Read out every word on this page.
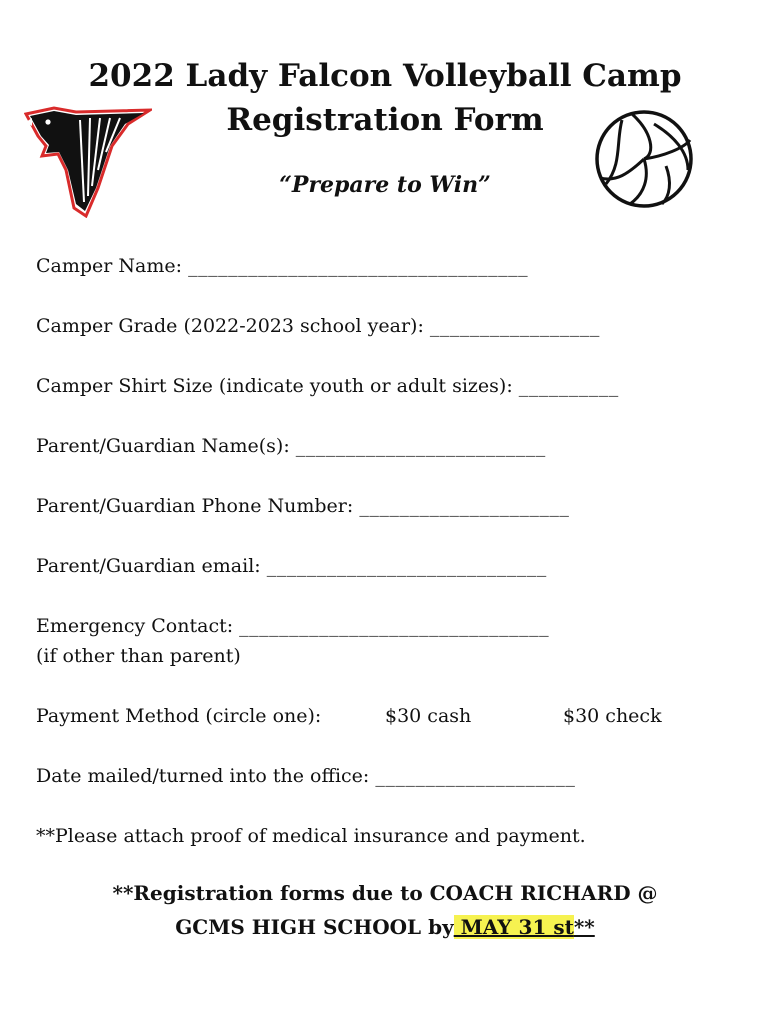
2022 Lady Falcon Volleyball Camp
Registration Form
“Prepare to Win”
Camper Name: __________________________________
Camper Grade (2022-2023 school year): _________________
Camper Shirt Size (indicate youth or adult sizes): __________
Parent/Guardian Name(s): _________________________
Parent/Guardian Phone Number: _____________________
Parent/Guardian email: ____________________________
Emergency Contact: _______________________________
(if other than parent)
Payment Method (circle one):	$30 cash	$30 check
Date mailed/turned into the office: ____________________
**Please attach proof of medical insurance and payment.
**Registration forms due to COACH RICHARD @
GCMS HIGH SCHOOL by MAY 31 st**
